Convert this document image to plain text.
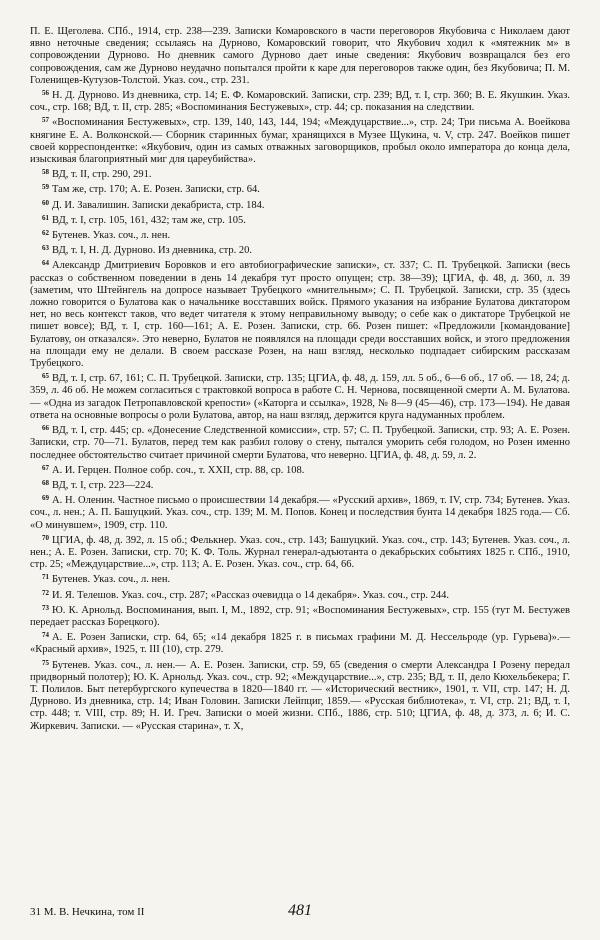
П. Е. Щеголева. СПб., 1914, стр. 238—239. Записки Комаровского в части переговоров Якубовича с Николаем дают явно неточные сведения; ссылаясь на Дурново, Комаровский говорит, что Якубович ходил к «мятежник м» в сопровождении Дурново. Но дневник самого Дурново дает иные сведения: Якубович возвращался без его сопровождения, сам же Дурново неудачно попытался пройти к каре для переговоров также один, без Якубовича; П. М. Голенищев-Кутузов-Толстой. Указ. соч., стр. 231.

$^{56}$ Н. Д. Дурново. Из дневника, стр. 14; Е. Ф. Комаровский. Записки, стр. 239; ВД, т. I, стр. 360; В. Е. Якушкин. Указ. соч., стр. 168; ВД, т. II, стр. 285; «Воспоминания Бестужевых», стр. 44; ср. показания на следствии.

$^{57}$ «Воспоминания Бестужевых», стр. 139, 140, 143, 144, 194; «Междуцарствие...», стр. 24; Три письма А. Воейкова княгине Е. А. Волконской.— Сборник старинных бумаг, хранящихся в Музее Щукина, ч. V, стр. 247. Воейков пишет своей корреспондентке: «Якубович, один из самых отважных заговорщиков, пробыл около императора до конца дела, изыскивая благоприятный миг для цареубийства».

$^{58}$ ВД, т. II, стр. 290, 291.

$^{59}$ Там же, стр. 170; А. Е. Розен. Записки, стр. 64.

$^{60}$ Д. И. Завалишин. Записки декабриста, стр. 184.

$^{61}$ ВД, т. I, стр. 105, 161, 432; там же, стр. 105.

$^{62}$ Бутенев. Указ. соч., л. нен.

$^{63}$ ВД, т. I, Н. Д. Дурново. Из дневника, стр. 20.

$^{64}$ Александр Дмитриевич Боровков и его автобиографические записки», ст. 337; С. П. Трубецкой. Записки (весь рассказ о собственном поведении в день 14 декабря тут просто опущен; стр. 38—39); ЦГИА, ф. 48, д. 360, л. 39 (заметим, что Штейнгель на допросе называет Трубецкого «мнительным»; С. П. Трубецкой. Записки, стр. 35 (здесь ложно говорится о Булатова как о начальнике восставших войск. Прямого указания на избрание Булатова диктатором нет, но весь контекст таков, что ведет читателя к этому неправильному выводу; о себе как о диктаторе Трубецкой не пишет вовсе); ВД, т. I, стр. 160—161; А. Е. Розен. Записки, стр. 66. Розен пишет: «Предложили [командование] Булатову, он отказался». Это неверно, Булатов не появлялся на площади среди восставших войск, и этого предложения на площади ему не делали. В своем рассказе Розен, на наш взгляд, несколько подпадает сибирским рассказам Трубецкого.

$^{65}$ ВД, т. I, стр. 67, 161; С. П. Трубецкой. Записки, стр. 135; ЦГИА, ф. 48, д. 159, лл. 5 об., 6—6 об., 17 об. — 18, 24; д. 359, л. 46 об. Не можем согласиться с трактовкой вопроса в работе С. Н. Чернова, посвященной смерти А. М. Булатова.— «Одна из загадок Петропавловской крепости» («Каторга и ссылка», 1928, № 8—9 (45—46), стр. 173—194). Не давая ответа на основные вопросы о роли Булатова, автор, на наш взгляд, держится круга надуманных проблем.

$^{66}$ ВД, т. I, стр. 445; ср. «Донесение Следственной комиссии», стр. 57; С. П. Трубецкой. Записки, стр. 93; А. Е. Розен. Записки, стр. 70—71. Булатов, перед тем как разбил голову о стену, пытался уморить себя голодом, но Розен именно последнее обстоятельство считает причиной смерти Булатова, что неверно. ЦГИА, ф. 48, д. 59, л. 2.

$^{67}$ А. И. Герцен. Полное собр. соч., т. XXII, стр. 88, ср. 108.

$^{68}$ ВД, т. I, стр. 223—224.

$^{69}$ А. Н. Оленин. Частное письмо о происшествии 14 декабря.— «Русский архив», 1869, т. IV, стр. 734; Бутенев. Указ. соч., л. нен.; А. П. Башуцкий. Указ. соч., стр. 139; М. М. Попов. Конец и последствия бунта 14 декабря 1825 года.— Сб. «О минувшем», 1909, стр. 110.

$^{70}$ ЦГИА, ф. 48, д. 392, л. 15 об.; Фелькнер. Указ. соч., стр. 143; Башуцкий. Указ. соч., стр. 143; Бутенев. Указ. соч., л. нен.; А. Е. Розен. Записки, стр. 70; К. Ф. Толь. Журнал генерал-адъютанта о декабрьских событиях 1825 г. СПб., 1910, стр. 25; «Междуцарствие...», стр. 113; А. Е. Розен. Указ. соч., стр. 64, 66.

$^{71}$ Бутенев. Указ. соч., л. нен.

$^{72}$ И. Я. Телешов. Указ. соч., стр. 287; «Рассказ очевидца о 14 декабря». Указ. соч., стр. 244.

$^{73}$ Ю. К. Арнольд. Воспоминания, вып. I, М., 1892, стр. 91; «Воспоминания Бестужевых», стр. 155 (тут М. Бестужев передает рассказ Борецкого).

$^{74}$ А. Е. Розен Записки, стр. 64, 65; «14 декабря 1825 г. в письмах графини М. Д. Нессельроде (ур. Гурьева)».— «Красный архив», 1925, т. III (10), стр. 279.

$^{75}$ Бутенев. Указ. соч., л. нен.— А. Е. Розен. Записки, стр. 59, 65 (сведения о смерти Александра I Розену передал придворный полотер); Ю. К. Арнольд. Указ. соч., стр. 92; «Междуцарствие...», стр. 235; ВД, т. II, дело Кюхельбекера; Г. Т. Полилов. Быт петербургского купечества в 1820—1840 гг. — «Исторический вестник», 1901, т. VII, стр. 147; Н. Д. Дурново. Из дневника, стр. 14; Иван Головин. Записки Лейпциг, 1859.— «Русская библиотека», т. VI, стр. 21; ВД, т. I, стр. 448; т. VIII, стр. 89; Н. И. Греч. Записки о моей жизни. СПб., 1886, стр. 510; ЦГИА, ф. 48, д. 373, л. 6; И. С. Жиркевич. Записки. — «Русская старина», т. X,

31 М. В. Нечкина, том II	481
